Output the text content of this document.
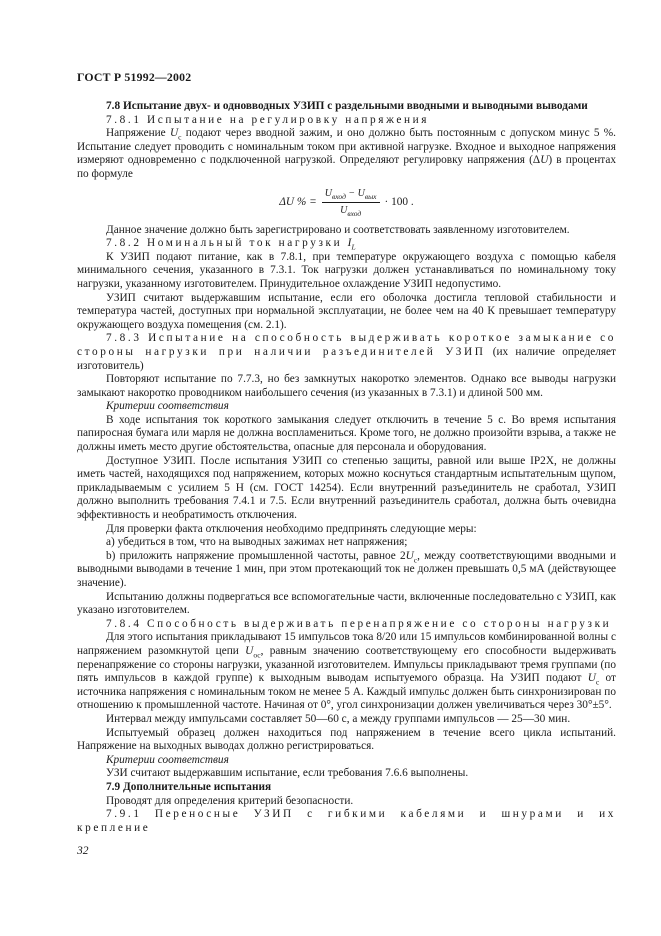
ГОСТ Р 51992—2002

7.8 Испытание двух- и одновводных УЗИП с раздельными вводными и выводными выводами

7.8.1 Испытание на регулировку напряжения

Напряжение $U_c$ подают через вводной зажим, и оно должно быть постоянным с допуском минус 5 %. Испытание следует проводить с номинальным током при активной нагрузке. Входное и выходное напряжения измеряют одновременно с подключенной нагрузкой. Определяют регулировку напряжения (ΔU) в процентах по формуле

ΔU % = $\frac{U_{вход} - U_{вых}}{U_{вход}} \cdot 100$ .

Данное значение должно быть зарегистрировано и соответствовать заявленному изготовителем.

7.8.2 Номинальный ток нагрузки $I_L$

К УЗИП подают питание, как в 7.8.1, при температуре окружающего воздуха с помощью кабеля минимального сечения, указанного в 7.3.1. Ток нагрузки должен устанавливаться по номинальному току нагрузки, указанному изготовителем. Принудительное охлаждение УЗИП недопустимо.

УЗИП считают выдержавшим испытание, если его оболочка достигла тепловой стабильности и температура частей, доступных при нормальной эксплуатации, не более чем на 40 К превышает температуру окружающего воздуха помещения (см. 2.1).

7.8.3 Испытание на способность выдерживать короткое замыкание со стороны нагрузки при наличии разъединителей УЗИП (их наличие определяет изготовитель)

Повторяют испытание по 7.7.3, но без замкнутых накоротко элементов. Однако все выводы нагрузки замыкают накоротко проводником наибольшего сечения (из указанных в 7.3.1) и длиной 500 мм.

Критерии соответствия

В ходе испытания ток короткого замыкания следует отключить в течение 5 с. Во время испытания папиросная бумага или марля не должна воспламениться. Кроме того, не должно произойти взрыва, а также не должны иметь место другие обстоятельства, опасные для персонала и оборудования.

Доступное УЗИП. После испытания УЗИП со степенью защиты, равной или выше IP2X, не должны иметь частей, находящихся под напряжением, которых можно коснуться стандартным испытательным щупом, прикладываемым с усилием 5 Н (см. ГОСТ 14254). Если внутренний разъединитель не сработал, УЗИП должно выполнить требования 7.4.1 и 7.5. Если внутренний разъединитель сработал, должна быть очевидна эффективность и необратимость отключения.

Для проверки факта отключения необходимо предпринять следующие меры:

а) убедиться в том, что на выводных зажимах нет напряжения;

b) приложить напряжение промышленной частоты, равное $2U_c$, между соответствующими вводными и выводными выводами в течение 1 мин, при этом протекающий ток не должен превышать 0,5 мА (действующее значение).

Испытанию должны подвергаться все вспомогательные части, включенные последовательно с УЗИП, как указано изготовителем.

7.8.4 Способность выдерживать перенапряжение со стороны нагрузки

Для этого испытания прикладывают 15 импульсов тока 8/20 или 15 импульсов комбинированной волны с напряжением разомкнутой цепи $U_{ос}$, равным значению соответствующему его способности выдерживать перенапряжение со стороны нагрузки, указанной изготовителем. Импульсы прикладывают тремя группами (по пять импульсов в каждой группе) к выходным выводам испытуемого образца. На УЗИП подают $U_c$ от источника напряжения с номинальным током не менее 5 А. Каждый импульс должен быть синхронизирован по отношению к промышленной частоте. Начиная от 0°, угол синхронизации должен увеличиваться через 30°±5°.

Интервал между импульсами составляет 50—60 с, а между группами импульсов — 25—30 мин.

Испытуемый образец должен находиться под напряжением в течение всего цикла испытаний. Напряжение на выходных выводах должно регистрироваться.

Критерии соответствия

УЗИ считают выдержавшим испытание, если требования 7.6.6 выполнены.

7.9 Дополнительные испытания

Проводят для определения критерий безопасности.

7.9.1 Переносные УЗИП с гибкими кабелями и шнурами и их крепление

32
